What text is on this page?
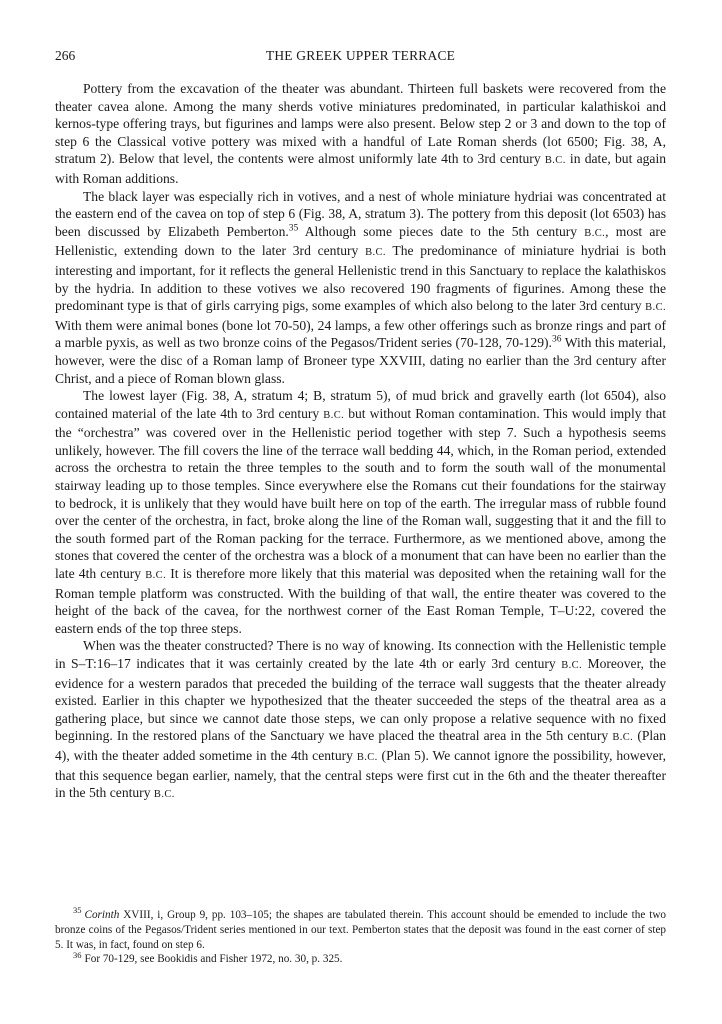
266	THE GREEK UPPER TERRACE

Pottery from the excavation of the theater was abundant. Thirteen full baskets were recovered from the theater cavea alone. Among the many sherds votive miniatures predominated, in particular kalathiskoi and kernos-type offering trays, but figurines and lamps were also present. Below step 2 or 3 and down to the top of step 6 the Classical votive pottery was mixed with a handful of Late Roman sherds (lot 6500; Fig. 38, A, stratum 2). Below that level, the contents were almost uniformly late 4th to 3rd century B.C. in date, but again with Roman additions.

The black layer was especially rich in votives, and a nest of whole miniature hydriai was concentrated at the eastern end of the cavea on top of step 6 (Fig. 38, A, stratum 3). The pottery from this deposit (lot 6503) has been discussed by Elizabeth Pemberton.$^{35}$ Although some pieces date to the 5th century B.C., most are Hellenistic, extending down to the later 3rd century B.C. The predominance of miniature hydriai is both interesting and important, for it reflects the general Hellenistic trend in this Sanctuary to replace the kalathiskos by the hydria. In addition to these votives we also recovered 190 fragments of figurines. Among these the predominant type is that of girls carrying pigs, some examples of which also belong to the later 3rd century B.C. With them were animal bones (bone lot 70-50), 24 lamps, a few other offerings such as bronze rings and part of a marble pyxis, as well as two bronze coins of the Pegasos/Trident series (70-128, 70-129).$^{36}$ With this material, however, were the disc of a Roman lamp of Broneer type XXVIII, dating no earlier than the 3rd century after Christ, and a piece of Roman blown glass.

The lowest layer (Fig. 38, A, stratum 4; B, stratum 5), of mud brick and gravelly earth (lot 6504), also contained material of the late 4th to 3rd century B.C. but without Roman contamination. This would imply that the “orchestra” was covered over in the Hellenistic period together with step 7. Such a hypothesis seems unlikely, however. The fill covers the line of the terrace wall bedding 44, which, in the Roman period, extended across the orchestra to retain the three temples to the south and to form the south wall of the monumental stairway leading up to those temples. Since everywhere else the Romans cut their foundations for the stairway to bedrock, it is unlikely that they would have built here on top of the earth. The irregular mass of rubble found over the center of the orchestra, in fact, broke along the line of the Roman wall, suggesting that it and the fill to the south formed part of the Roman packing for the terrace. Furthermore, as we mentioned above, among the stones that covered the center of the orchestra was a block of a monument that can have been no earlier than the late 4th century B.C. It is therefore more likely that this material was deposited when the retaining wall for the Roman temple platform was constructed. With the building of that wall, the entire theater was covered to the height of the back of the cavea, for the northwest corner of the East Roman Temple, T–U:22, covered the eastern ends of the top three steps.

When was the theater constructed? There is no way of knowing. Its connection with the Hellenistic temple in S–T:16–17 indicates that it was certainly created by the late 4th or early 3rd century B.C. Moreover, the evidence for a western parados that preceded the building of the terrace wall suggests that the theater already existed. Earlier in this chapter we hypothesized that the theater succeeded the steps of the theatral area as a gathering place, but since we cannot date those steps, we can only propose a relative sequence with no fixed beginning. In the restored plans of the Sanctuary we have placed the theatral area in the 5th century B.C. (Plan 4), with the theater added sometime in the 4th century B.C. (Plan 5). We cannot ignore the possibility, however, that this sequence began earlier, namely, that the central steps were first cut in the 6th and the theater thereafter in the 5th century B.C.

$^{35}$ Corinth XVIII, i, Group 9, pp. 103–105; the shapes are tabulated therein. This account should be emended to include the two bronze coins of the Pegasos/Trident series mentioned in our text. Pemberton states that the deposit was found in the east corner of step 5. It was, in fact, found on step 6.

$^{36}$ For 70-129, see Bookidis and Fisher 1972, no. 30, p. 325.
